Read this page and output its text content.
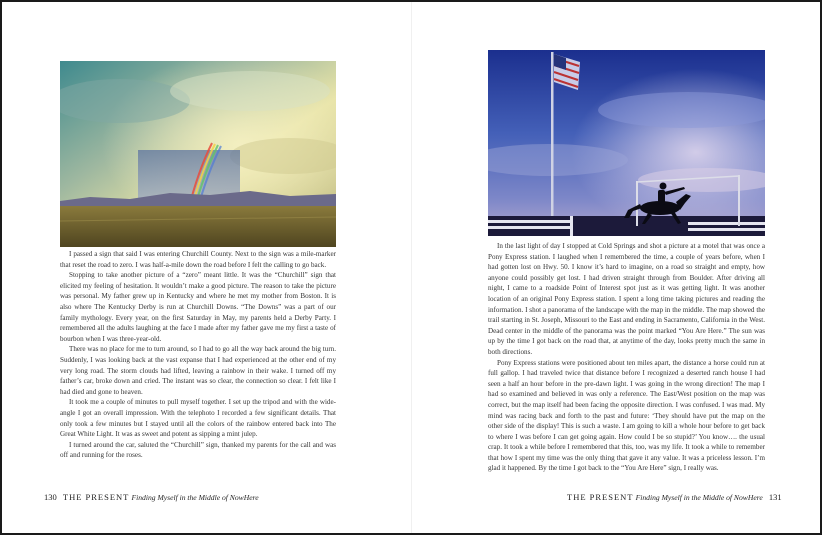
I passed a sign that said I was entering Churchill County. Next to the sign was a mile-marker that reset the road to zero. I was half-a-mile down the road before I felt the calling to go back.

Stopping to take another picture of a “zero” meant little. It was the “Churchill” sign that elicited my feeling of hesitation. It wouldn’t make a good picture. The reason to take the picture was personal. My father grew up in Kentucky and where he met my mother from Boston. It is also where The Kentucky Derby is run at Churchill Downs. “The Downs” was a part of our family mythology. Every year, on the first Saturday in May, my parents held a Derby Party. I remembered all the adults laughing at the face I made after my father gave me my first a taste of bourbon when I was three-year-old.

There was no place for me to turn around, so I had to go all the way back around the big turn. Suddenly, I was looking back at the vast expanse that I had experienced at the other end of my very long road. The storm clouds had lifted, leaving a rainbow in their wake. I turned off my father’s car, broke down and cried. The instant was so clear, the connection so clear. I felt like I had died and gone to heaven.

It took me a couple of minutes to pull myself together. I set up the tripod and with the wide-angle I got an overall impression. With the telephoto I recorded a few significant details. That only took a few minutes but I stayed until all the colors of the rainbow entered back into The Great White Light. It was as sweet and potent as sipping a mint julep.

I turned around the car, saluted the “Churchill” sign, thanked my parents for the call and was off and running for the roses.

130 THE PRESENT Finding Myself in the Middle of NowHere

In the last light of day I stopped at Cold Springs and shot a picture at a motel that was once a Pony Express station. I laughed when I remembered the time, a couple of years before, when I had gotten lost on Hwy. 50. I know it’s hard to imagine, on a road so straight and empty, how anyone could possibly get lost. I had driven straight through from Boulder. After driving all night, I came to a roadside Point of Interest spot just as it was getting light. It was another location of an original Pony Express station. I spent a long time taking pictures and reading the information. I shot a panorama of the landscape with the map in the middle. The map showed the trail starting in St. Joseph, Missouri to the East and ending in Sacramento, California in the West. Dead center in the middle of the panorama was the point marked “You Are Here.” The sun was up by the time I got back on the road that, at anytime of the day, looks pretty much the same in both directions.

Pony Express stations were positioned about ten miles apart, the distance a horse could run at full gallop. I had traveled twice that distance before I recognized a deserted ranch house I had seen a half an hour before in the pre-dawn light. I was going in the wrong direction! The map I had so examined and believed in was only a reference. The East/West position on the map was correct, but the map itself had been facing the opposite direction. I was confused. I was mad. My mind was racing back and forth to the past and future: ‘They should have put the map on the other side of the display! This is such a waste. I am going to kill a whole hour before to get back to where I was before I can get going again. How could I be so stupid?’ You know…. the usual crap. It took a while before I remembered that this, too, was my life. It took a while to remember that how I spent my time was the only thing that gave it any value. It was a priceless lesson. I’m glad it happened. By the time I got back to the “You Are Here” sign, I really was.

THE PRESENT Finding Myself in the Middle of NowHere 131
